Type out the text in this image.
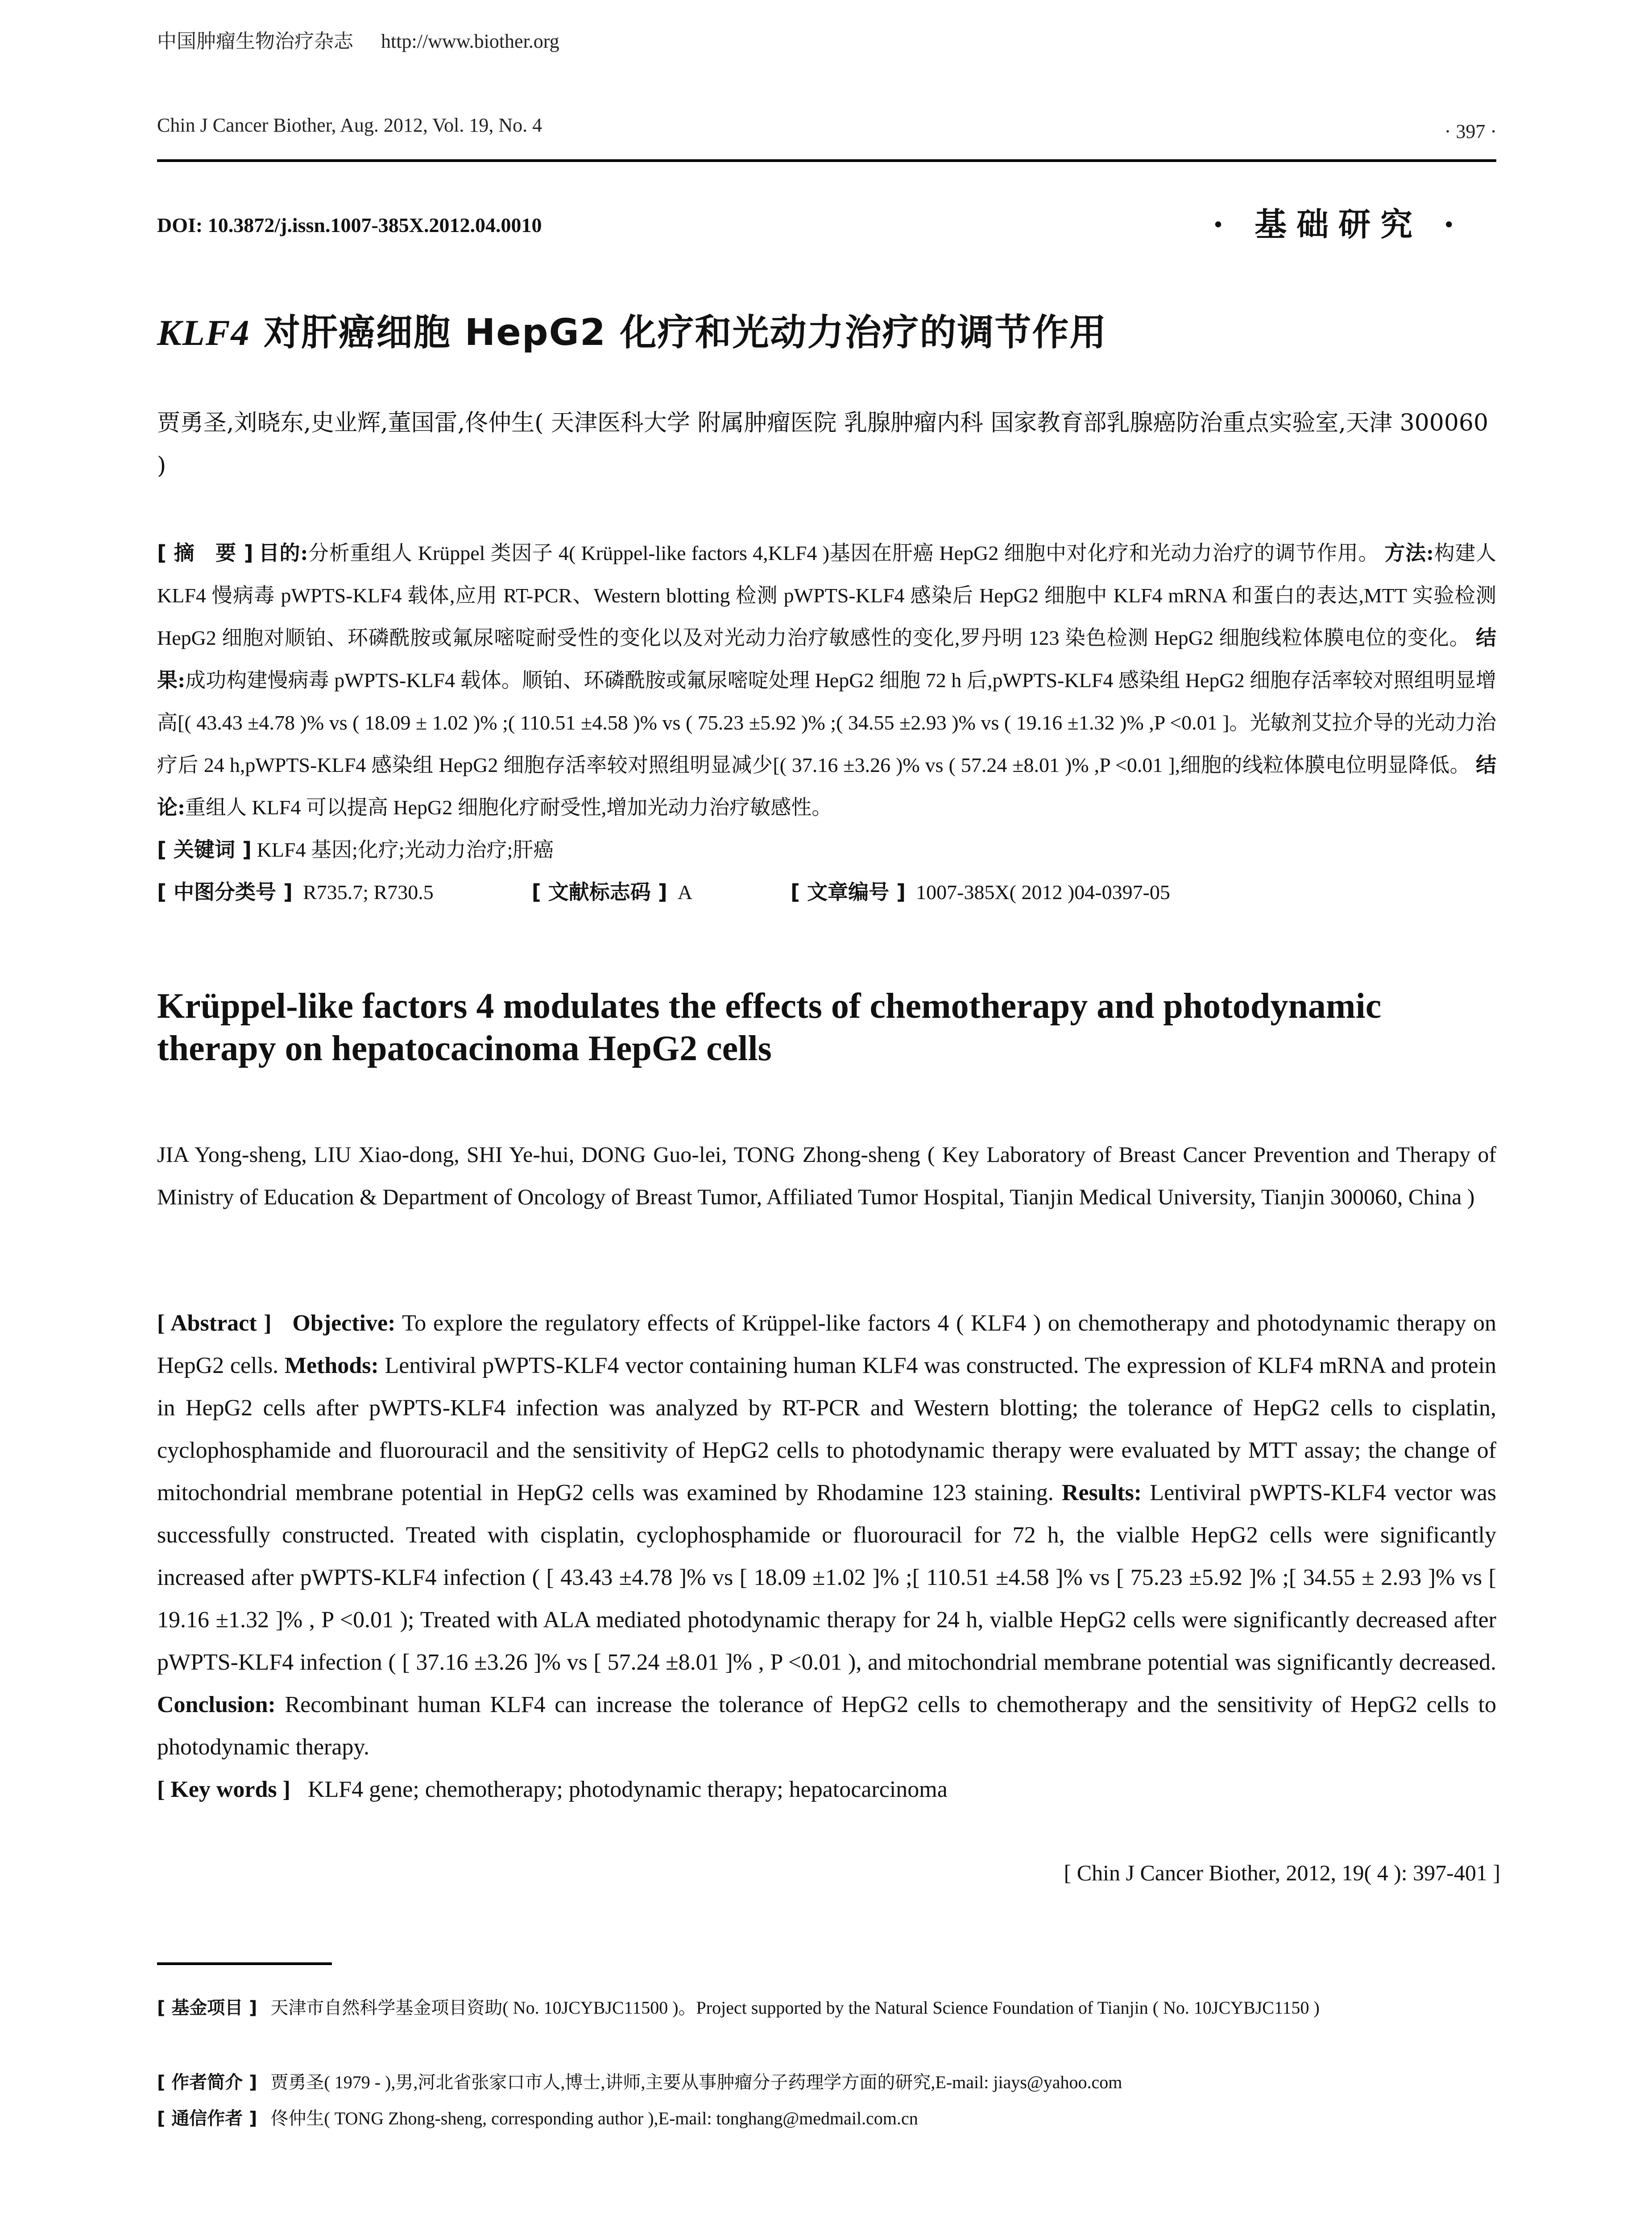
中国肿瘤生物治疗杂志 http://www.biother.org
Chin J Cancer Biother, Aug. 2012, Vol. 19, No. 4	· 397 ·
DOI: 10.3872/j.issn.1007-385X.2012.04.0010	· 基础研究 ·
KLF4 对肝癌细胞 HepG2 化疗和光动力治疗的调节作用
贾勇圣,刘晓东,史业辉,董国雷,佟仲生( 天津医科大学 附属肿瘤医院 乳腺肿瘤内科 国家教育部乳腺癌防治重点实验室,天津 300060 )
[ 摘　要 ] 目的:分析重组人 Krüppel 类因子 4( Krüppel-like factors 4,KLF4 )基因在肝癌 HepG2 细胞中对化疗和光动力治疗的调节作用。 方法:构建人 KLF4 慢病毒 pWPTS-KLF4 载体,应用 RT-PCR、Western blotting 检测 pWPTS-KLF4 感染后 HepG2 细胞中 KLF4 mRNA 和蛋白的表达,MTT 实验检测 HepG2 细胞对顺铂、环磷酰胺或氟尿嘧啶耐受性的变化以及对光动力治疗敏感性的变化,罗丹明 123 染色检测 HepG2 细胞线粒体膜电位的变化。 结果:成功构建慢病毒 pWPTS-KLF4 载体。顺铂、环磷酰胺或氟尿嘧啶处理 HepG2 细胞 72 h 后,pWPTS-KLF4 感染组 HepG2 细胞存活率较对照组明显增高[( 43.43 ±4.78 )% vs ( 18.09 ± 1.02 )% ;( 110.51 ±4.58 )% vs ( 75.23 ±5.92 )% ;( 34.55 ±2.93 )% vs ( 19.16 ±1.32 )% ,P <0.01 ]。光敏剂艾拉介导的光动力治疗后 24 h,pWPTS-KLF4 感染组 HepG2 细胞存活率较对照组明显减少[( 37.16 ±3.26 )% vs ( 57.24 ±8.01 )% ,P <0.01 ],细胞的线粒体膜电位明显降低。 结论:重组人 KLF4 可以提高 HepG2 细胞化疗耐受性,增加光动力治疗敏感性。
[ 关键词 ] KLF4 基因;化疗;光动力治疗;肝癌

[ 中图分类号 ] R735.7; R730.5	[ 文献标志码 ] A	[ 文章编号 ] 1007-385X( 2012 )04-0397-05
Krüppel-like factors 4 modulates the effects of chemotherapy and photodynamic therapy on hepatocacinoma HepG2 cells
JIA Yong-sheng, LIU Xiao-dong, SHI Ye-hui, DONG Guo-lei, TONG Zhong-sheng ( Key Laboratory of Breast Cancer Prevention and Therapy of Ministry of Education & Department of Oncology of Breast Tumor, Affiliated Tumor Hospital, Tianjin Medical University, Tianjin 300060, China )
[ Abstract ] Objective: To explore the regulatory effects of Krüppel-like factors 4 ( KLF4 ) on chemotherapy and photodynamic therapy on HepG2 cells. Methods: Lentiviral pWPTS-KLF4 vector containing human KLF4 was constructed. The expression of KLF4 mRNA and protein in HepG2 cells after pWPTS-KLF4 infection was analyzed by RT-PCR and Western blotting; the tolerance of HepG2 cells to cisplatin, cyclophosphamide and fluorouracil and the sensitivity of HepG2 cells to photodynamic therapy were evaluated by MTT assay; the change of mitochondrial membrane potential in HepG2 cells was examined by Rhodamine 123 staining. Results: Lentiviral pWPTS-KLF4 vector was successfully constructed. Treated with cisplatin, cyclophosphamide or fluorouracil for 72 h, the vialble HepG2 cells were significantly increased after pWPTS-KLF4 infection ( [ 43.43 ±4.78 ]% vs [ 18.09 ±1.02 ]% ;[ 110.51 ±4.58 ]% vs [ 75.23 ±5.92 ]% ;[ 34.55 ± 2.93 ]% vs [ 19.16 ±1.32 ]% , P <0.01 ); Treated with ALA mediated photodynamic therapy for 24 h, vialble HepG2 cells were significantly decreased after pWPTS-KLF4 infection ( [ 37.16 ±3.26 ]% vs [ 57.24 ±8.01 ]% , P <0.01 ), and mitochondrial membrane potential was significantly decreased. Conclusion: Recombinant human KLF4 can increase the tolerance of HepG2 cells to chemotherapy and the sensitivity of HepG2 cells to photodynamic therapy.
[ Key words ] KLF4 gene; chemotherapy; photodynamic therapy; hepatocarcinoma
[ Chin J Cancer Biother, 2012, 19( 4 ): 397-401 ]
[ 基金项目 ] 天津市自然科学基金项目资助( No. 10JCYBJC11500 )。Project supported by the Natural Science Foundation of Tianjin ( No. 10JCYBJC1150 )
[ 作者简介 ] 贾勇圣( 1979 - ),男,河北省张家口市人,博士,讲师,主要从事肿瘤分子药理学方面的研究,E-mail: jiays@yahoo.com
[ 通信作者 ] 佟仲生( TONG Zhong-sheng, corresponding author ),E-mail: tonghang@medmail.com.cn
